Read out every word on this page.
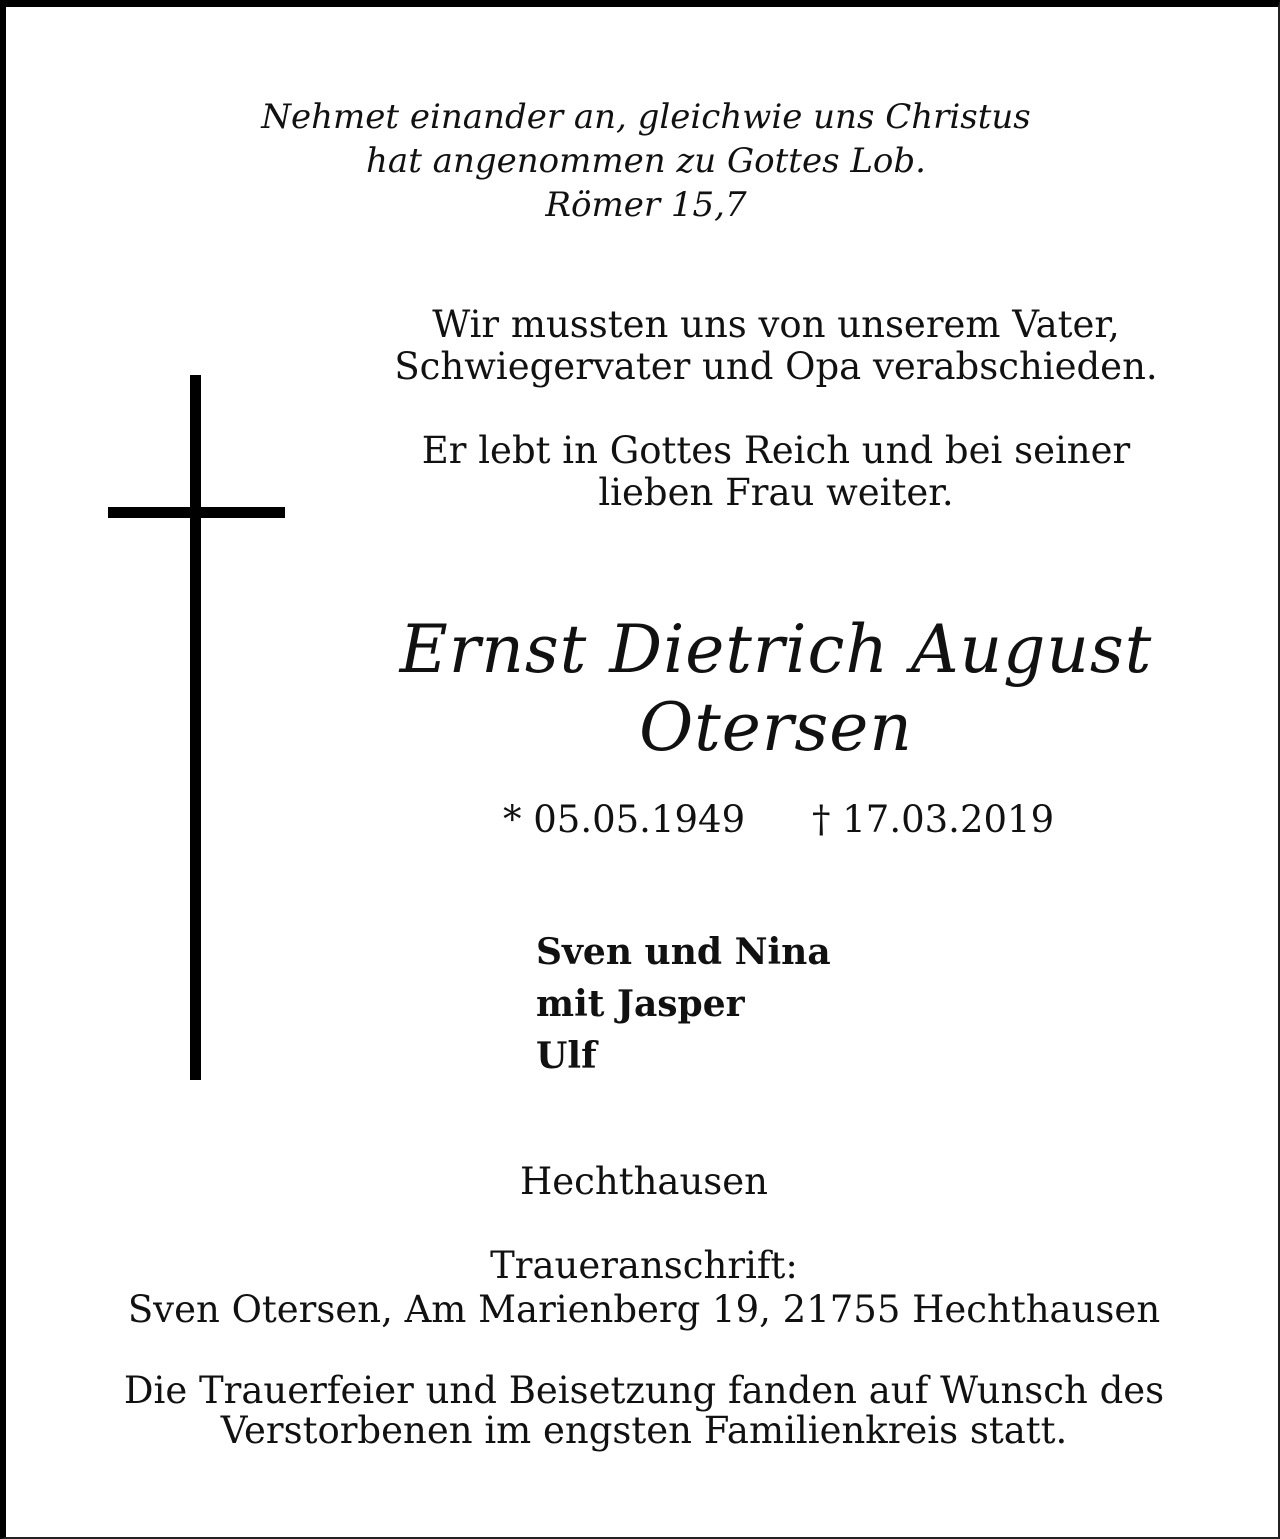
Nehmet einander an, gleichwie uns Christus
hat angenommen zu Gottes Lob.
Römer 15,7
Wir mussten uns von unserem Vater,
Schwiegervater und Opa verabschieden.
Er lebt in Gottes Reich und bei seiner
lieben Frau weiter.
Ernst Dietrich August
Otersen
* 05.05.1949	† 17.03.2019
Sven und Nina
mit Jasper
Ulf
Hechthausen
Traueranschrift:
Sven Otersen, Am Marienberg 19, 21755 Hechthausen
Die Trauerfeier und Beisetzung fanden auf Wunsch des
Verstorbenen im engsten Familienkreis statt.
